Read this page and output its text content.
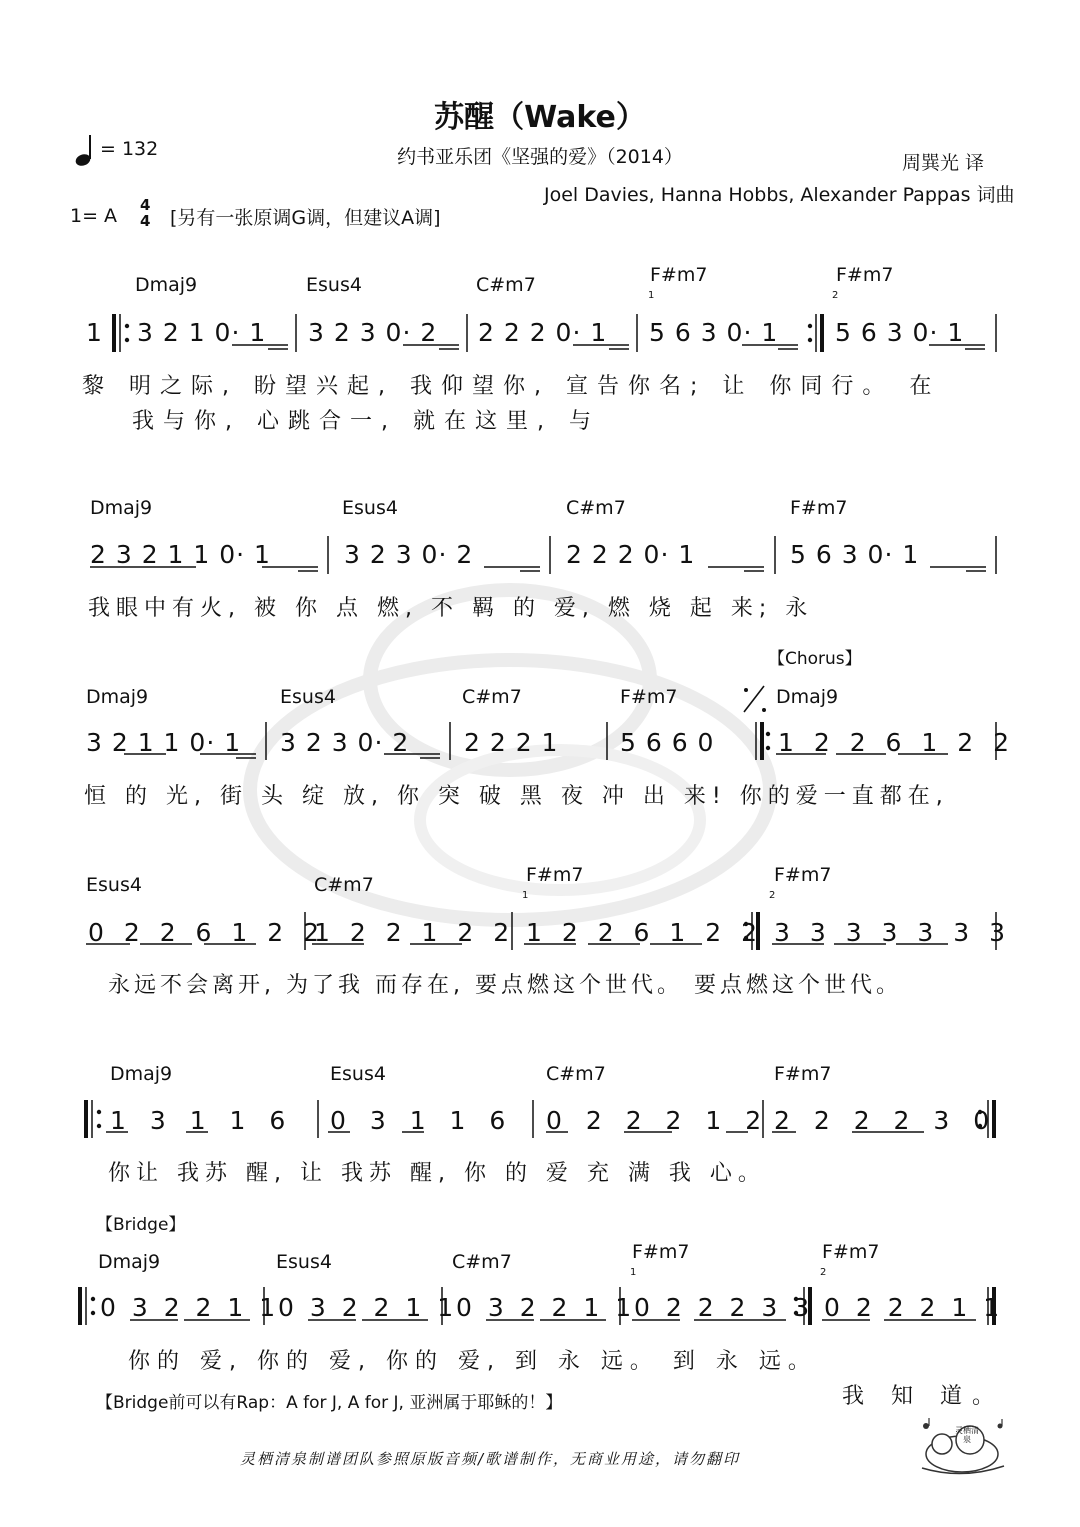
苏醒（Wake）
= 132	约书亚乐团《坚强的爱》（2014）	周巽光 译
Joel Davies, Hanna Hobbs, Alexander Pappas 词曲
1= A 4
4 [另有一张原调G调，但建议A调]
1	2
1	2
1	2
Dmaj9	Esus4	C#m7	F#m7	F#m7
1 3 2 1 0· 1 3 2 3 0· 2 2 2 2 0· 1 5 6 3 0· 1 5 6 3 0· 1
黎 明之际, 盼望兴起, 我仰望你, 宣告你名; 让 你同行。 在
我与你, 心跳合一, 就在这里, 与
Dmaj9	Esus4	C#m7	F#m7
2 3 2 1 1 0· 1	3 2 3 0· 2	2 2 2 0· 1	5 6 3 0· 1
我眼中有火, 被 你 点 燃, 不 羁 的 爱, 燃 烧 起 来; 永
【Chorus】
Dmaj9	Esus4	C#m7	F#m7	Dmaj9
3 2 1 1 0· 1 3 2 3 0· 2 2 2 2 1 5 6 6 0	1 2 2 6 1 2 2
恒 的 光, 街 头 绽 放, 你 突 破 黑 夜 冲 出 来! 你的爱一直都在,
Esus4	C#m7	F#m7	F#m7
0 2 2 6 1 2 2
1 2 2 1 2 2 1 2 2 6 1 2 2 3 3 3 3 3 3 3
永远不会离开, 为了我 而存在, 要点燃这个世代。 要点燃这个世代。
Dmaj9	Esus4	C#m7	F#m7
1 3 1 1 6 0 3 1 1 6 0 2 2 2 1 2 2 2 2 2 3 0
你让 我苏 醒, 让 我苏 醒, 你 的 爱 充 满 我 心。
【Bridge】
Dmaj9	Esus4	C#m7	F#m7	F#m7
0 3 2 2 1 1
0 3 2 2 1 1
0 3 2 2 1 1
0 2 2 2 3 3 0 2 2 2 1 1
你的 爱, 你的 爱, 你的 爱, 到 永 远。 到 永 远。
我 知 道。
【Bridge前可以有Rap：A for J, A for J, 亚洲属于耶稣的！】
灵栖清泉制谱团队参照原版音频/歌谱制作，无商业用途，请勿翻印
灵栖清泉
